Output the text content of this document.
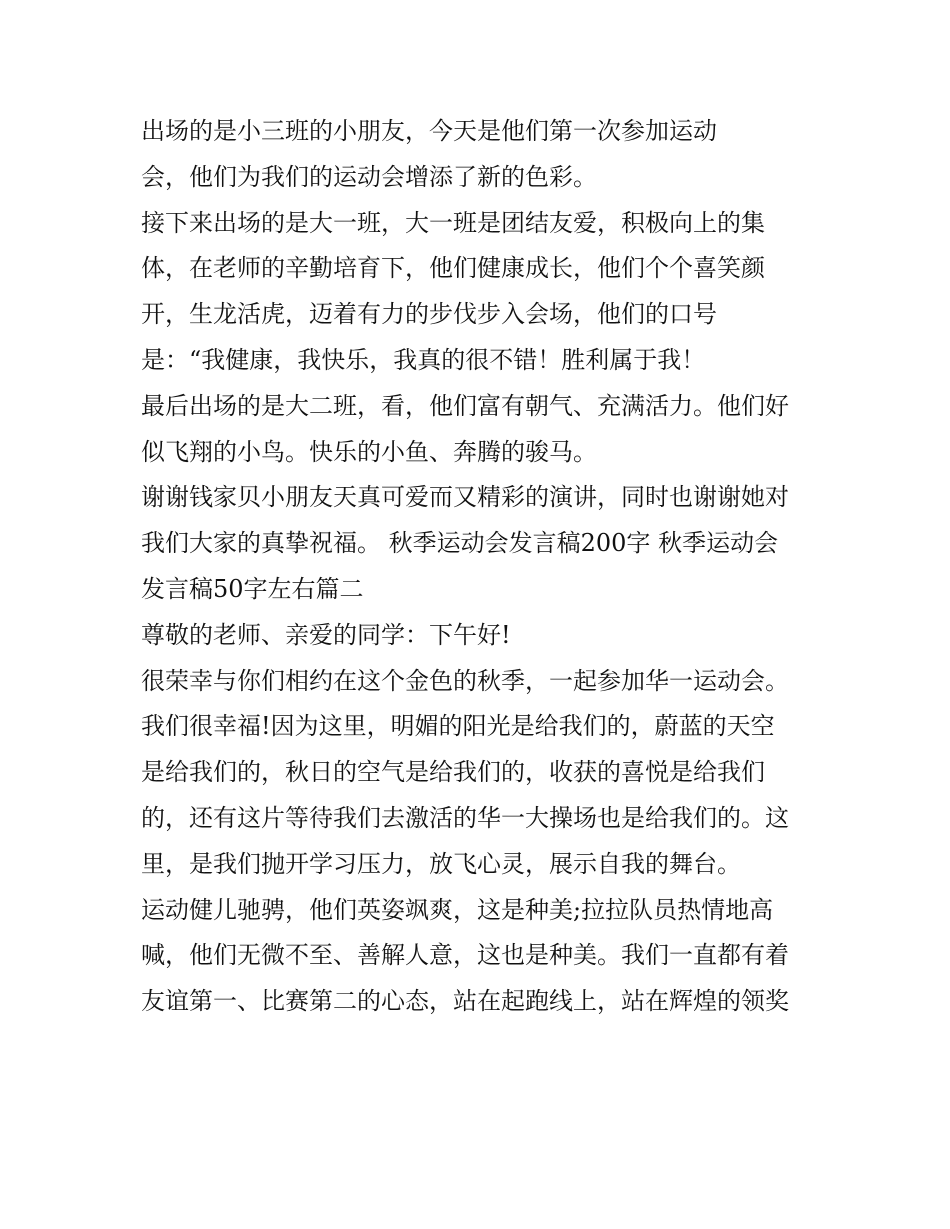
出场的是小三班的小朋友，今天是他们第一次参加运动
会，他们为我们的运动会增添了新的色彩。
接下来出场的是大一班，大一班是团结友爱，积极向上的集
体，在老师的辛勤培育下，他们健康成长，他们个个喜笑颜
开，生龙活虎，迈着有力的步伐步入会场，他们的口号
是：“我健康，我快乐，我真的很不错！胜利属于我！
最后出场的是大二班，看，他们富有朝气、充满活力。他们好
似飞翔的小鸟。快乐的小鱼、奔腾的骏马。
谢谢钱家贝小朋友天真可爱而又精彩的演讲，同时也谢谢她对
我们大家的真挚祝福。 秋季运动会发言稿200字 秋季运动会
发言稿50字左右篇二
尊敬的老师、亲爱的同学：下午好!
很荣幸与你们相约在这个金色的秋季，一起参加华一运动会。
我们很幸福!因为这里，明媚的阳光是给我们的，蔚蓝的天空
是给我们的，秋日的空气是给我们的，收获的喜悦是给我们
的，还有这片等待我们去激活的华一大操场也是给我们的。这
里，是我们抛开学习压力，放飞心灵，展示自我的舞台。
运动健儿驰骋，他们英姿飒爽，这是种美;拉拉队员热情地高
喊，他们无微不至、善解人意，这也是种美。我们一直都有着
友谊第一、比赛第二的心态，站在起跑线上，站在辉煌的领奖
